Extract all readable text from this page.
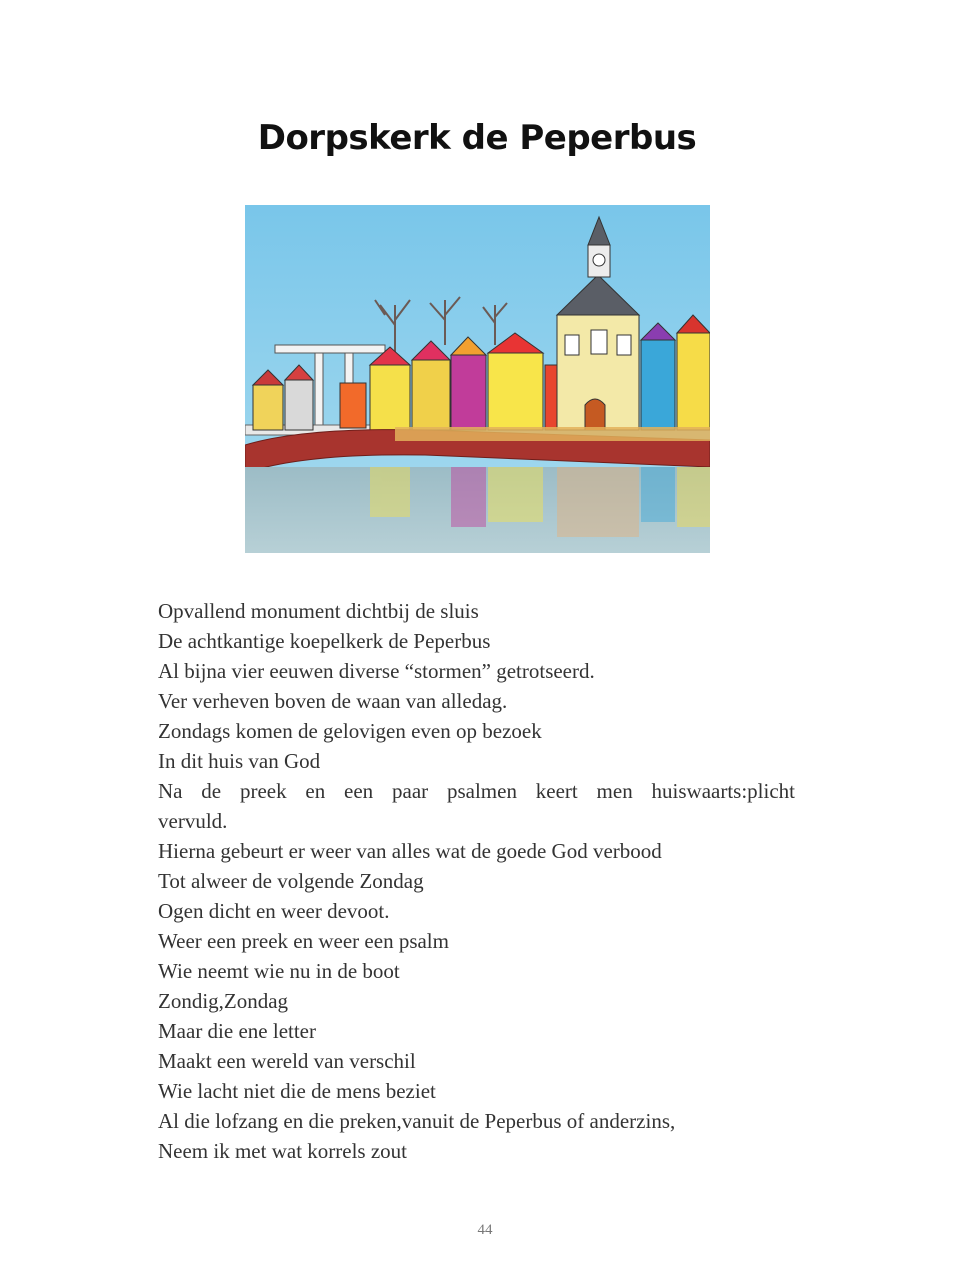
Dorpskerk de Peperbus
Opvallend monument dichtbij de sluis
De achtkantige koepelkerk de Peperbus
Al bijna vier eeuwen diverse “stormen” getrotseerd.
Ver verheven boven de waan van alledag.
Zondags komen de gelovigen even op bezoek
In dit huis van God
Na de preek en een paar psalmen keert men huiswaarts:plicht
vervuld.
Hierna gebeurt er weer van alles wat de goede God verbood
Tot alweer de volgende Zondag
Ogen dicht en weer devoot.
Weer een preek en weer een psalm
Wie neemt wie nu in de boot
Zondig,Zondag
Maar die ene letter
Maakt een wereld van verschil
Wie lacht niet die de mens beziet
Al die lofzang en die preken,vanuit de Peperbus of anderzins,
Neem ik met wat korrels zout
44
